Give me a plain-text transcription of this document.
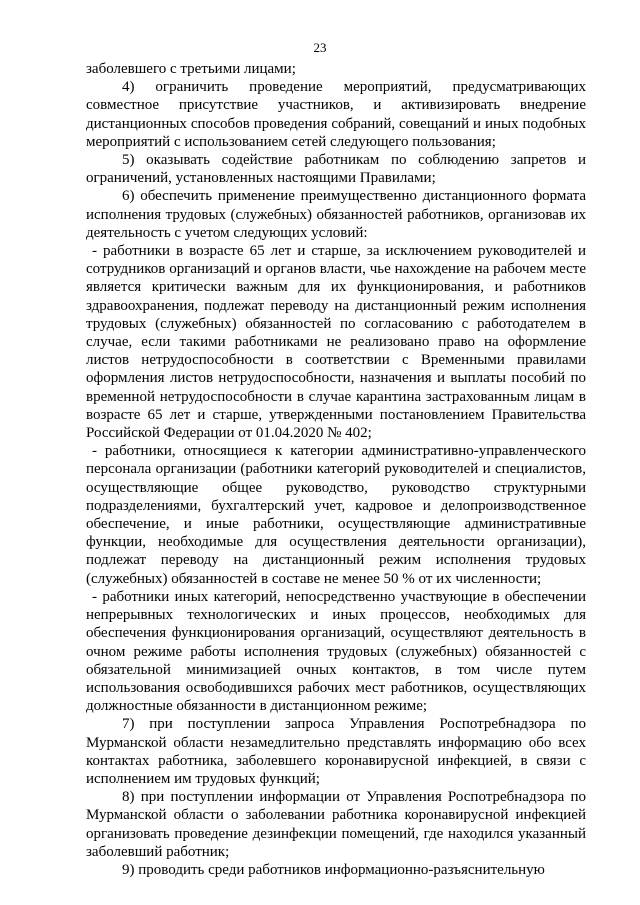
23

заболевшего с третьими лицами;

4) ограничить проведение мероприятий, предусматривающих совместное присутствие участников, и активизировать внедрение дистанционных способов проведения собраний, совещаний и иных подобных мероприятий с использованием сетей следующего пользования;

5) оказывать содействие работникам по соблюдению запретов и ограничений, установленных настоящими Правилами;

6) обеспечить применение преимущественно дистанционного формата исполнения трудовых (служебных) обязанностей работников, организовав их деятельность с учетом следующих условий:

- работники в возрасте 65 лет и старше, за исключением руководителей и сотрудников организаций и органов власти, чье нахождение на рабочем месте является критически важным для их функционирования, и работников здравоохранения, подлежат переводу на дистанционный режим исполнения трудовых (служебных) обязанностей по согласованию с работодателем в случае, если такими работниками не реализовано право на оформление листов нетрудоспособности в соответствии с Временными правилами оформления листов нетрудоспособности, назначения и выплаты пособий по временной нетрудоспособности в случае карантина застрахованным лицам в возрасте 65 лет и старше, утвержденными постановлением Правительства Российской Федерации от 01.04.2020 № 402;

- работники, относящиеся к категории административно-управленческого персонала организации (работники категорий руководителей и специалистов, осуществляющие общее руководство, руководство структурными подразделениями, бухгалтерский учет, кадровое и делопроизводственное обеспечение, и иные работники, осуществляющие административные функции, необходимые для осуществления деятельности организации), подлежат переводу на дистанционный режим исполнения трудовых (служебных) обязанностей в составе не менее 50 % от их численности;

- работники иных категорий, непосредственно участвующие в обеспечении непрерывных технологических и иных процессов, необходимых для обеспечения функционирования организаций, осуществляют деятельность в очном режиме работы исполнения трудовых (служебных) обязанностей с обязательной минимизацией очных контактов, в том числе путем использования освободившихся рабочих мест работников, осуществляющих должностные обязанности в дистанционном режиме;

7) при поступлении запроса Управления Роспотребнадзора по Мурманской области незамедлительно представлять информацию обо всех контактах работника, заболевшего коронавирусной инфекцией, в связи с исполнением им трудовых функций;

8) при поступлении информации от Управления Роспотребнадзора по Мурманской области о заболевании работника коронавирусной инфекцией организовать проведение дезинфекции помещений, где находился указанный заболевший работник;

9) проводить среди работников информационно-разъяснительную
